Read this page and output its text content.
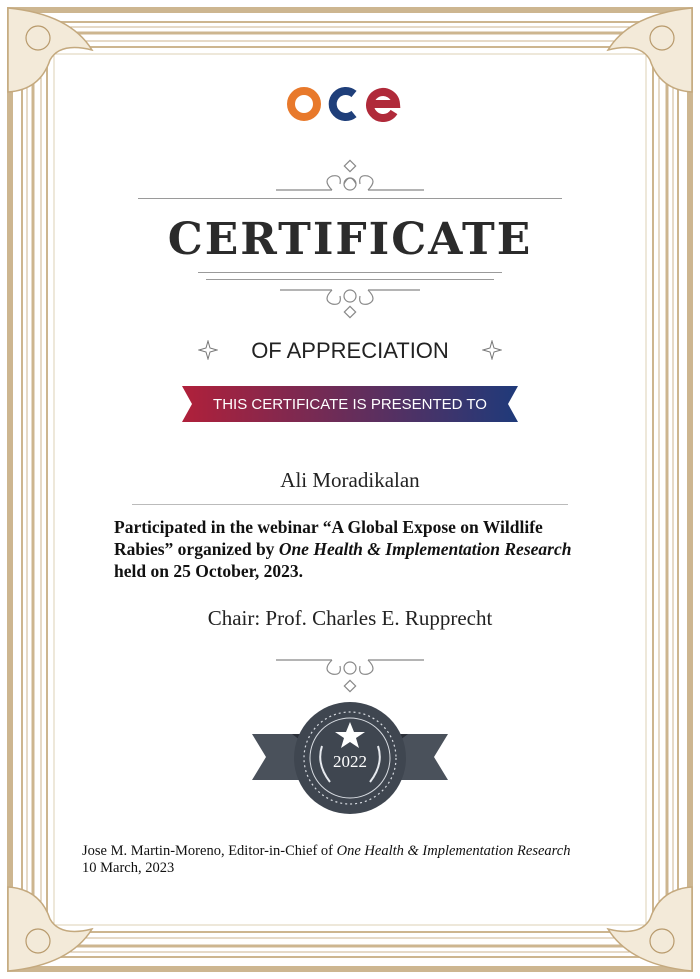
CERTIFICATE
OF APPRECIATION
THIS CERTIFICATE IS PRESENTED TO
Ali Moradikalan
Participated in the webinar “A Global Expose on Wildlife
Rabies” organized by One Health & Implementation Research
held on 25 October, 2023.
Chair: Prof. Charles E. Rupprecht
2022
Jose M. Martin-Moreno, Editor-in-Chief of One Health & Implementation Research
10 March, 2023
